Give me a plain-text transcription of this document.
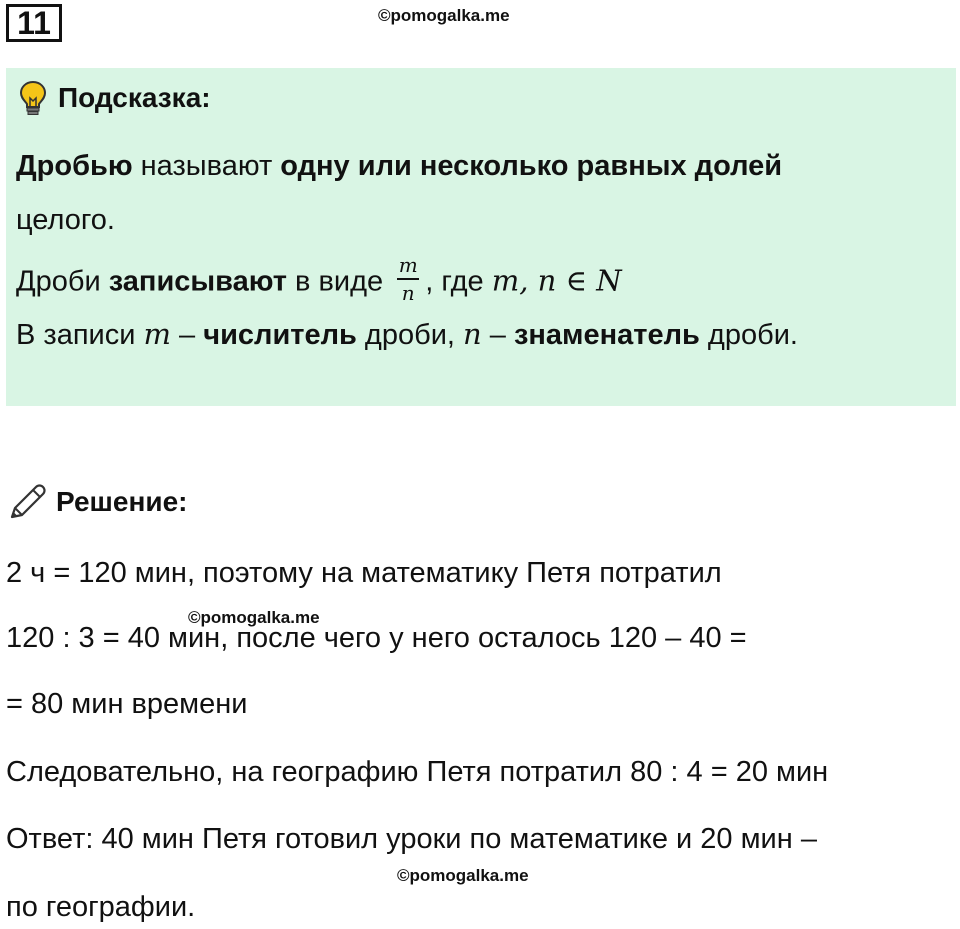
11	©pomogalka.me
Подсказка:
Дробью называют одну или несколько равных долей
целого.
Дроби записывают в виде $\frac{m}{n}$ , где m, n ∈ N
В записи m – числитель дроби, n – знаменатель дроби.
Решение:
2 ч = 120 мин, поэтому на математику Петя потратил
©pomogalka.me
120 : 3 = 40 мин, после чего у него осталось 120 – 40 =
= 80 мин времени
Следовательно, на географию Петя потратил 80 : 4 = 20 мин
Ответ: 40 мин Петя готовил уроки по математике и 20 мин –
©pomogalka.me
по географии.
